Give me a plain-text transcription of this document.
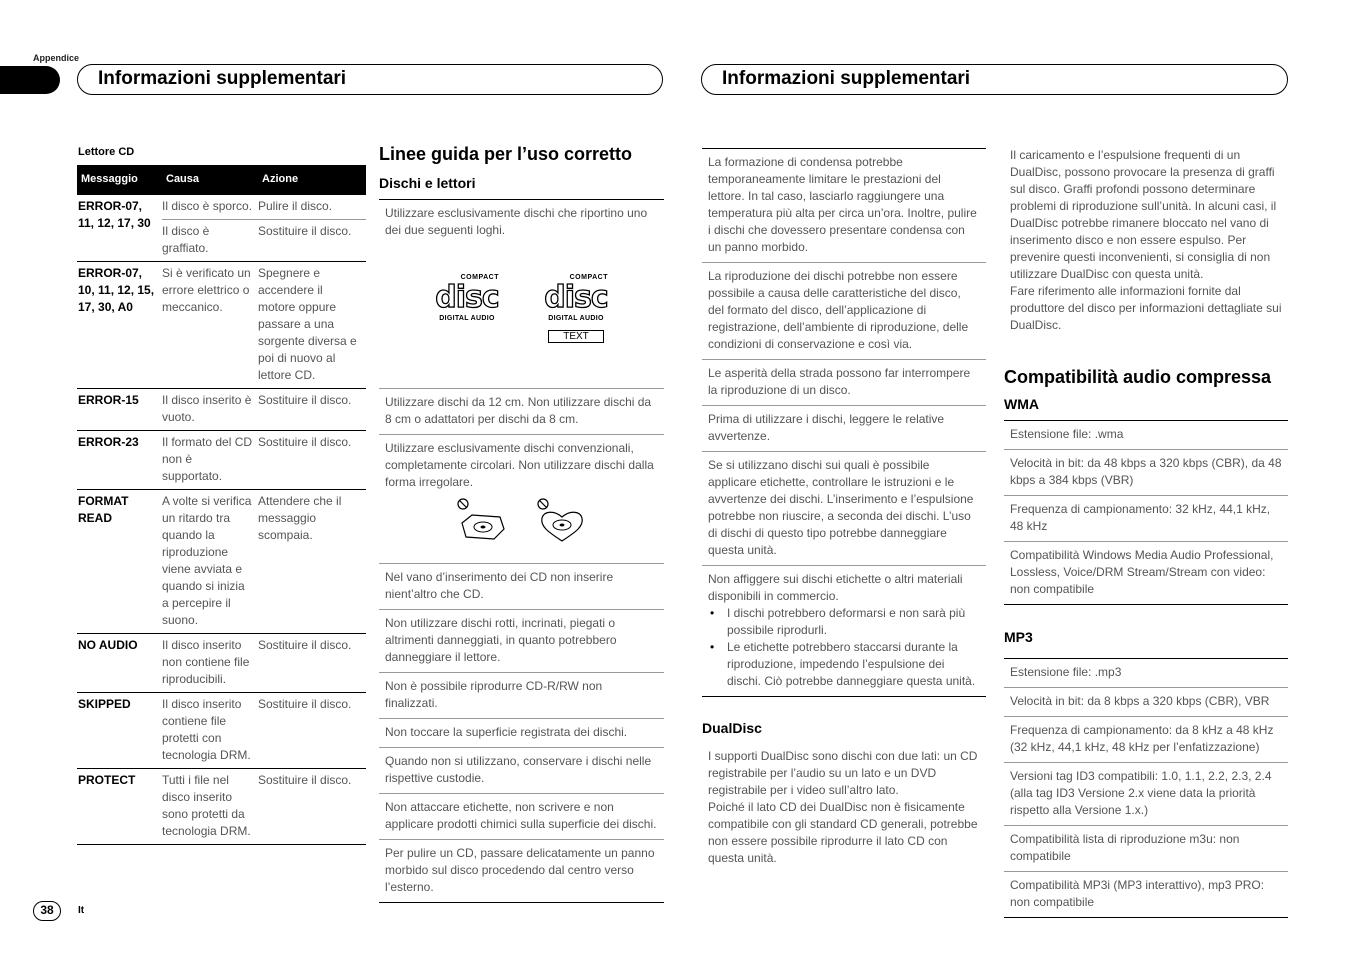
Appendice
Informazioni supplementari	Informazioni supplementari
Lettore CD
Messaggio	Causa	Azione
ERROR-07, 11, 12, 17, 30	Il disco è sporco.	Pulire il disco.
	Il disco è graffiato.	Sostituire il disco.
ERROR-07, 10, 11, 12, 15, 17, 30, A0	Si è verificato un errore elettrico o meccanico.	Spegnere e accendere il motore oppure passare a una sorgente diversa e poi di nuovo al lettore CD.
ERROR-15	Il disco inserito è vuoto.	Sostituire il disco.
ERROR-23	Il formato del CD non è supportato.	Sostituire il disco.
FORMAT READ	A volte si verifica un ritardo tra quando la riproduzione viene avviata e quando si inizia a percepire il suono.	Attendere che il messaggio scompaia.
NO AUDIO	Il disco inserito non contiene file riproducibili.	Sostituire il disco.
SKIPPED	Il disco inserito contiene file protetti con tecnologia DRM.	Sostituire il disco.
PROTECT	Tutti i file nel disco inserito sono protetti da tecnologia DRM.	Sostituire il disco.
Linee guida per l’uso corretto
Dischi e lettori
Utilizzare esclusivamente dischi che riportino uno dei due seguenti loghi.
COMPACT
disc
DIGITAL AUDIO
COMPACT
disc
DIGITAL AUDIO
TEXT
Utilizzare dischi da 12 cm. Non utilizzare dischi da 8 cm o adattatori per dischi da 8 cm.
Utilizzare esclusivamente dischi convenzionali, completamente circolari. Non utilizzare dischi dalla forma irregolare.
Nel vano d’inserimento dei CD non inserire nient’altro che CD.
Non utilizzare dischi rotti, incrinati, piegati o altrimenti danneggiati, in quanto potrebbero danneggiare il lettore.
Non è possibile riprodurre CD-R/RW non finalizzati.
Non toccare la superficie registrata dei dischi.
Quando non si utilizzano, conservare i dischi nelle rispettive custodie.
Non attaccare etichette, non scrivere e non applicare prodotti chimici sulla superficie dei dischi.
Per pulire un CD, passare delicatamente un panno morbido sul disco procedendo dal centro verso l’esterno.
La formazione di condensa potrebbe temporaneamente limitare le prestazioni del lettore. In tal caso, lasciarlo raggiungere una temperatura più alta per circa un’ora. Inoltre, pulire i dischi che dovessero presentare condensa con un panno morbido.
La riproduzione dei dischi potrebbe non essere possibile a causa delle caratteristiche del disco, del formato del disco, dell’applicazione di registrazione, dell’ambiente di riproduzione, delle condizioni di conservazione e così via.
Le asperità della strada possono far interrompere la riproduzione di un disco.
Prima di utilizzare i dischi, leggere le relative avvertenze.
Se si utilizzano dischi sui quali è possibile applicare etichette, controllare le istruzioni e le avvertenze dei dischi. L’inserimento e l’espulsione potrebbe non riuscire, a seconda dei dischi. L’uso di dischi di questo tipo potrebbe danneggiare questa unità.
Non affiggere sui dischi etichette o altri materiali disponibili in commercio.
• I dischi potrebbero deformarsi e non sarà più possibile riprodurli.
• Le etichette potrebbero staccarsi durante la riproduzione, impedendo l’espulsione dei dischi. Ciò potrebbe danneggiare questa unità.
DualDisc
I supporti DualDisc sono dischi con due lati: un CD registrabile per l’audio su un lato e un DVD registrabile per i video sull’altro lato.
Poiché il lato CD dei DualDisc non è fisicamente compatibile con gli standard CD generali, potrebbe non essere possibile riprodurre il lato CD con questa unità.
Il caricamento e l’espulsione frequenti di un DualDisc, possono provocare la presenza di graffi sul disco. Graffi profondi possono determinare problemi di riproduzione sull’unità. In alcuni casi, il DualDisc potrebbe rimanere bloccato nel vano di inserimento disco e non essere espulso. Per prevenire questi inconvenienti, si consiglia di non utilizzare DualDisc con questa unità.
Fare riferimento alle informazioni fornite dal produttore del disco per informazioni dettagliate sui DualDisc.
Compatibilità audio compressa
WMA
Estensione file: .wma
Velocità in bit: da 48 kbps a 320 kbps (CBR), da 48 kbps a 384 kbps (VBR)
Frequenza di campionamento: 32 kHz, 44,1 kHz, 48 kHz
Compatibilità Windows Media Audio Professional, Lossless, Voice/DRM Stream/Stream con video: non compatibile
MP3
Estensione file: .mp3
Velocità in bit: da 8 kbps a 320 kbps (CBR), VBR
Frequenza di campionamento: da 8 kHz a 48 kHz (32 kHz, 44,1 kHz, 48 kHz per l’enfatizzazione)
Versioni tag ID3 compatibili: 1.0, 1.1, 2.2, 2.3, 2.4 (alla tag ID3 Versione 2.x viene data la priorità rispetto alla Versione 1.x.)
Compatibilità lista di riproduzione m3u: non compatibile
Compatibilità MP3i (MP3 interattivo), mp3 PRO: non compatibile
38	It
